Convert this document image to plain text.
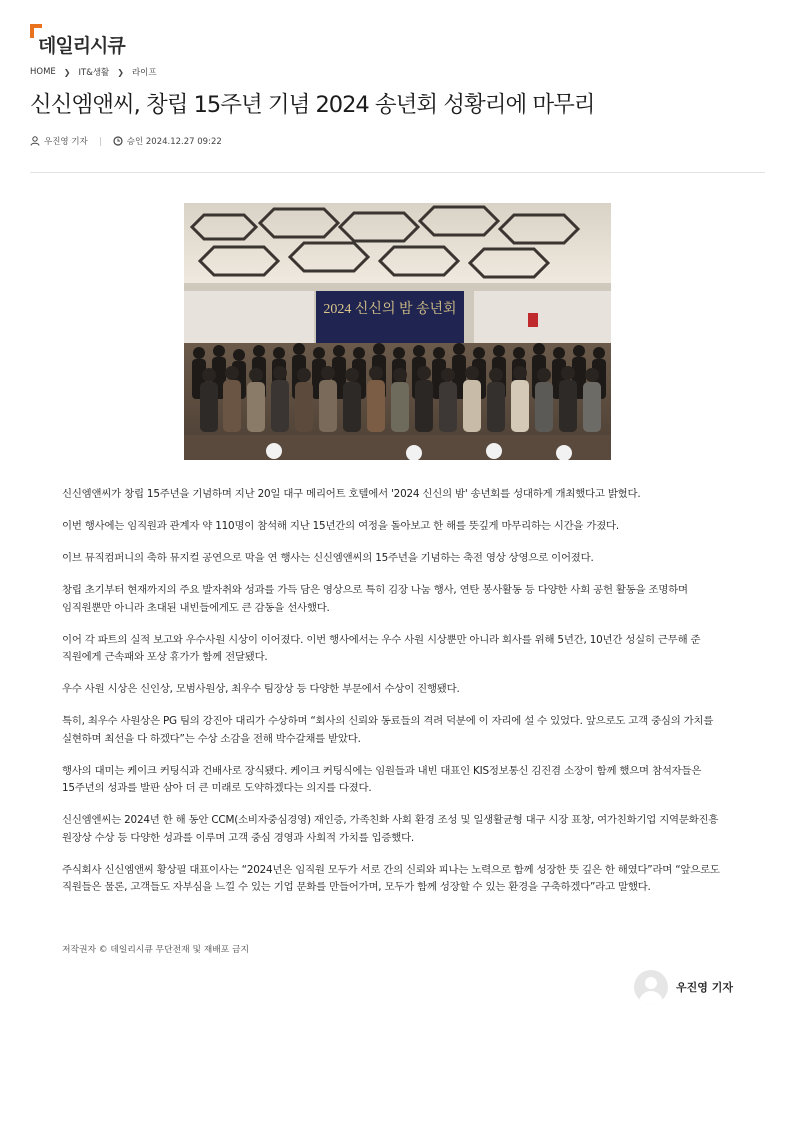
데일리시큐
HOME ❯ IT&생활 ❯ 라이프
신신엠앤씨, 창립 15주년 기념 2024 송년회 성황리에 마무리
우진영 기자	승인 2024.12.27 09:22
2024 신신의 밤 송년회

신신엠앤씨가 창립 15주년을 기념하며 지난 20일 대구 메리어트 호텔에서 '2024 신신의 밤' 송년회를 성대하게 개최했다고 밝혔다.

이번 행사에는 임직원과 관계자 약 110명이 참석해 지난 15년간의 여정을 돌아보고 한 해를 뜻깊게 마무리하는 시간을 가졌다.

이브 뮤직컴퍼니의 축하 뮤지컬 공연으로 막을 연 행사는 신신엠앤씨의 15주년을 기념하는 축전 영상 상영으로 이어졌다.

창립 초기부터 현재까지의 주요 발자취와 성과를 가득 담은 영상으로 특히 김장 나눔 행사, 연탄 봉사활동 등 다양한 사회 공헌 활동을 조명하며 임직원뿐만 아니라 초대된 내빈들에게도 큰 감동을 선사했다.

이어 각 파트의 실적 보고와 우수사원 시상이 이어졌다. 이번 행사에서는 우수 사원 시상뿐만 아니라 회사를 위해 5년간, 10년간 성실히 근무해 준 직원에게 근속패와 포상 휴가가 함께 전달됐다.

우수 사원 시상은 신인상, 모범사원상, 최우수 팀장상 등 다양한 부문에서 수상이 진행됐다.

특히, 최우수 사원상은 PG 팀의 강진아 대리가 수상하며 “회사의 신뢰와 동료들의 격려 덕분에 이 자리에 설 수 있었다. 앞으로도 고객 중심의 가치를 실현하며 최선을 다 하겠다”는 수상 소감을 전해 박수갈채를 받았다.

행사의 대미는 케이크 커팅식과 건배사로 장식됐다. 케이크 커팅식에는 임원들과 내빈 대표인 KIS정보통신 김진겸 소장이 함께 했으며 참석자들은 15주년의 성과를 발판 삼아 더 큰 미래로 도약하겠다는 의지를 다졌다.

신신엠엔씨는 2024년 한 해 동안 CCM(소비자중심경영) 재인증, 가족친화 사회 환경 조성 및 일생활균형 대구 시장 표창, 여가친화기업 지역문화진흥 원장상 수상 등 다양한 성과를 이루며 고객 중심 경영과 사회적 가치를 입증했다.

주식회사 신신엠앤씨 황상필 대표이사는 “2024년은 임직원 모두가 서로 간의 신뢰와 피나는 노력으로 함께 성장한 뜻 깊은 한 해였다”라며 “앞으로도 직원들은 물론, 고객들도 자부심을 느낄 수 있는 기업 문화를 만들어가며, 모두가 함께 성장할 수 있는 환경을 구축하겠다”라고 말했다.

저작권자 © 데일리시큐 무단전재 및 재배포 금지
우진영 기자
